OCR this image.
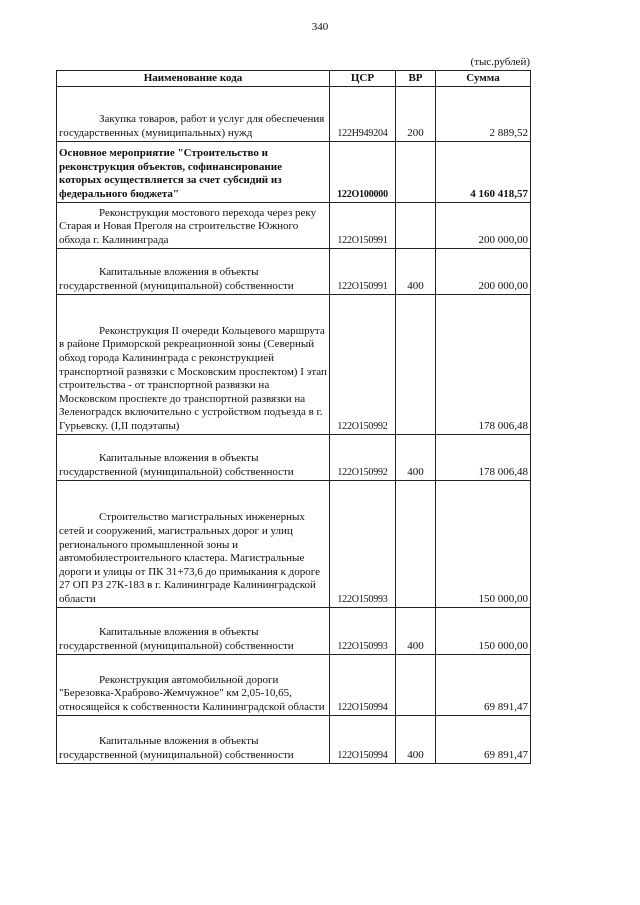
340
(тыс.рублей)
Наименование кода	ЦСР	ВР	Сумма
Закупка товаров, работ и услуг для обеспечения государственных (муниципальных) нужд	122H949204	200	2 889,52
Основное мероприятие "Строительство и реконструкция объектов, софинансирование которых осуществляется за счет субсидий из федерального бюджета"	122O100000		4 160 418,57
Реконструкция мостового перехода через реку Старая и Новая Преголя на строительстве Южного обхода г. Калининграда	122O150991		200 000,00
Капитальные вложения в объекты государственной (муниципальной) собственности	122O150991	400	200 000,00
Реконструкция II очереди Кольцевого маршрута в районе Приморской рекреационной зоны (Северный обход города Калининграда с реконструкцией транспортной развязки с Московским проспектом) I этап строительства - от транспортной развязки на Московском проспекте до транспортной развязки на Зеленоградск включительно с устройством подъезда в г. Гурьевску. (I,II подэтапы)	122O150992		178 006,48
Капитальные вложения в объекты государственной (муниципальной) собственности	122O150992	400	178 006,48
Строительство магистральных инженерных сетей и сооружений, магистральных дорог и улиц регионального промышленной зоны и автомобилестроительного кластера. Магистральные дороги и улицы от ПК 31+73,6 до примыкания к дороге 27 ОП РЗ 27К-183 в г. Калининграде Калининградской области	122O150993		150 000,00
Капитальные вложения в объекты государственной (муниципальной) собственности	122O150993	400	150 000,00
Реконструкция автомобильной дороги "Березовка-Храброво-Жемчужное" км 2,05-10,65, относящейся к собственности Калининградской области	122O150994		69 891,47
Капитальные вложения в объекты государственной (муниципальной) собственности	122O150994	400	69 891,47
